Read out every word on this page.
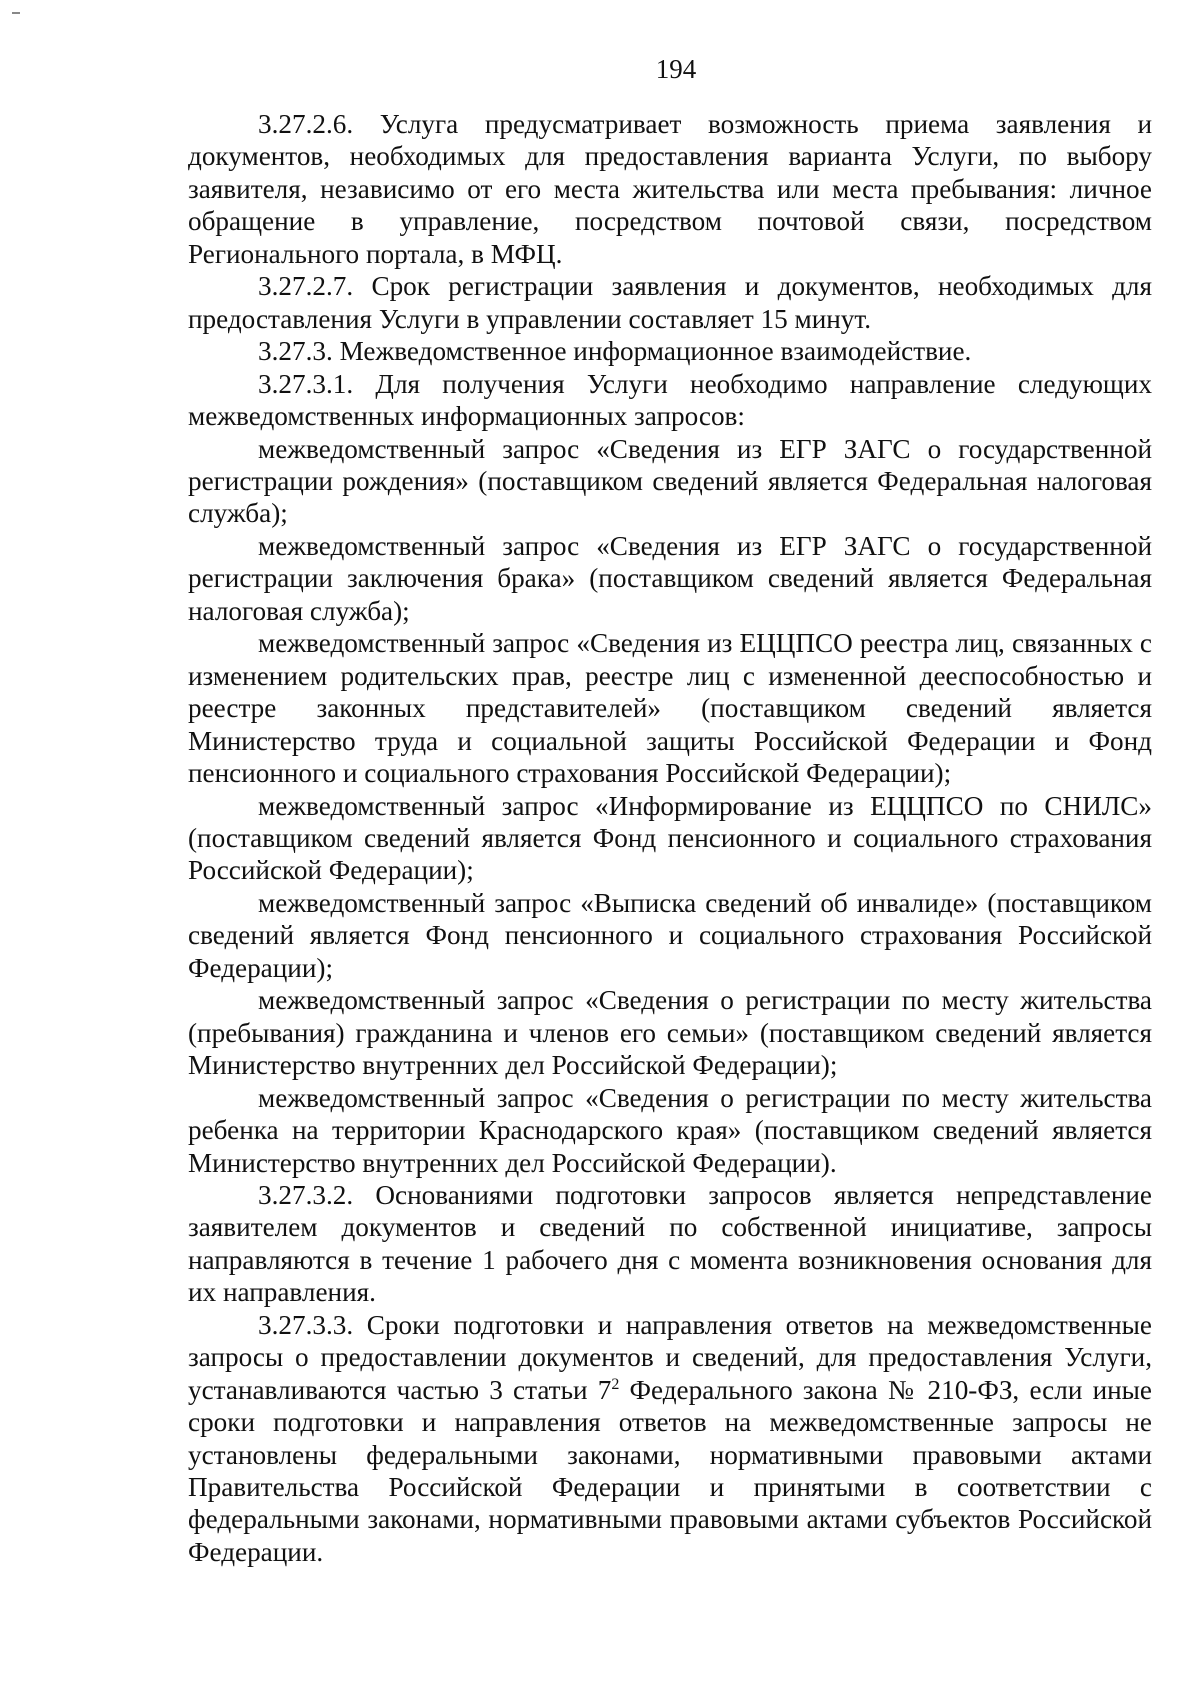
194

3.27.2.6. Услуга предусматривает возможность приема заявления и документов, необходимых для предоставления варианта Услуги, по выбору заявителя, независимо от его места жительства или места пребывания: личное обращение в управление, посредством почтовой связи, посредством Регионального портала, в МФЦ.

3.27.2.7. Срок регистрации заявления и документов, необходимых для предоставления Услуги в управлении составляет 15 минут.

3.27.3. Межведомственное информационное взаимодействие.

3.27.3.1. Для получения Услуги необходимо направление следующих межведомственных информационных запросов:

межведомственный запрос «Сведения из ЕГР ЗАГС о государственной регистрации рождения» (поставщиком сведений является Федеральная налоговая служба);

межведомственный запрос «Сведения из ЕГР ЗАГС о государственной регистрации заключения брака» (поставщиком сведений является Федеральная налоговая служба);

межведомственный запрос «Сведения из ЕЦЦПСО реестра лиц, связанных с изменением родительских прав, реестре лиц с измененной дееспособностью и реестре законных представителей» (поставщиком сведений является Министерство труда и социальной защиты Российской Федерации и Фонд пенсионного и социального страхования Российской Федерации);

межведомственный запрос «Информирование из ЕЦЦПСО по СНИЛС» (поставщиком сведений является Фонд пенсионного и социального страхования Российской Федерации);

межведомственный запрос «Выписка сведений об инвалиде» (поставщиком сведений является Фонд пенсионного и социального страхования Российской Федерации);

межведомственный запрос «Сведения о регистрации по месту жительства (пребывания) гражданина и членов его семьи» (поставщиком сведений является Министерство внутренних дел Российской Федерации);

межведомственный запрос «Сведения о регистрации по месту жительства ребенка на территории Краснодарского края» (поставщиком сведений является Министерство внутренних дел Российской Федерации).

3.27.3.2. Основаниями подготовки запросов является непредставление заявителем документов и сведений по собственной инициативе, запросы направляются в течение 1 рабочего дня с момента возникновения основания для их направления.

3.27.3.3. Сроки подготовки и направления ответов на межведомственные запросы о предоставлении документов и сведений, для предоставления Услуги, устанавливаются частью 3 статьи $7^2$ Федерального закона № 210-ФЗ, если иные сроки подготовки и направления ответов на межведомственные запросы не установлены федеральными законами, нормативными правовыми актами Правительства Российской Федерации и принятыми в соответствии с федеральными законами, нормативными правовыми актами субъектов Российской Федерации.
